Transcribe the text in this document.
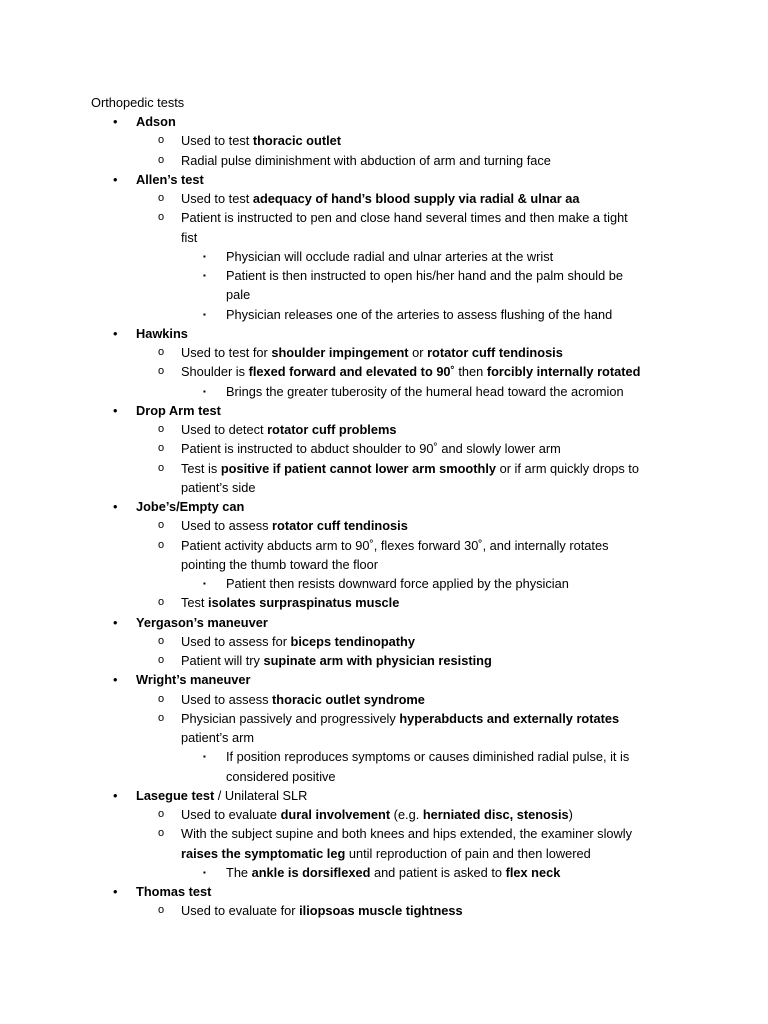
Orthopedic tests
• Adson
o Used to test thoracic outlet
o Radial pulse diminishment with abduction of arm and turning face
• Allen’s test
o Used to test adequacy of hand’s blood supply via radial & ulnar aa
o Patient is instructed to pen and close hand several times and then make a tight
fist
▪ Physician will occlude radial and ulnar arteries at the wrist
▪ Patient is then instructed to open his/her hand and the palm should be
pale
▪ Physician releases one of the arteries to assess flushing of the hand
• Hawkins
o Used to test for shoulder impingement or rotator cuff tendinosis
o Shoulder is flexed forward and elevated to 90˚ then forcibly internally rotated
▪ Brings the greater tuberosity of the humeral head toward the acromion
• Drop Arm test
o Used to detect rotator cuff problems
o Patient is instructed to abduct shoulder to 90˚ and slowly lower arm
o Test is positive if patient cannot lower arm smoothly or if arm quickly drops to
patient’s side
• Jobe’s/Empty can
o Used to assess rotator cuff tendinosis
o Patient activity abducts arm to 90˚, flexes forward 30˚, and internally rotates
pointing the thumb toward the floor
▪ Patient then resists downward force applied by the physician
o Test isolates surpraspinatus muscle
• Yergason’s maneuver
o Used to assess for biceps tendinopathy
o Patient will try supinate arm with physician resisting
• Wright’s maneuver
o Used to assess thoracic outlet syndrome
o Physician passively and progressively hyperabducts and externally rotates
patient’s arm
▪ If position reproduces symptoms or causes diminished radial pulse, it is
considered positive
• Lasegue test / Unilateral SLR
o Used to evaluate dural involvement (e.g. herniated disc, stenosis)
o With the subject supine and both knees and hips extended, the examiner slowly
raises the symptomatic leg until reproduction of pain and then lowered
▪ The ankle is dorsiflexed and patient is asked to flex neck
• Thomas test
o Used to evaluate for iliopsoas muscle tightness
